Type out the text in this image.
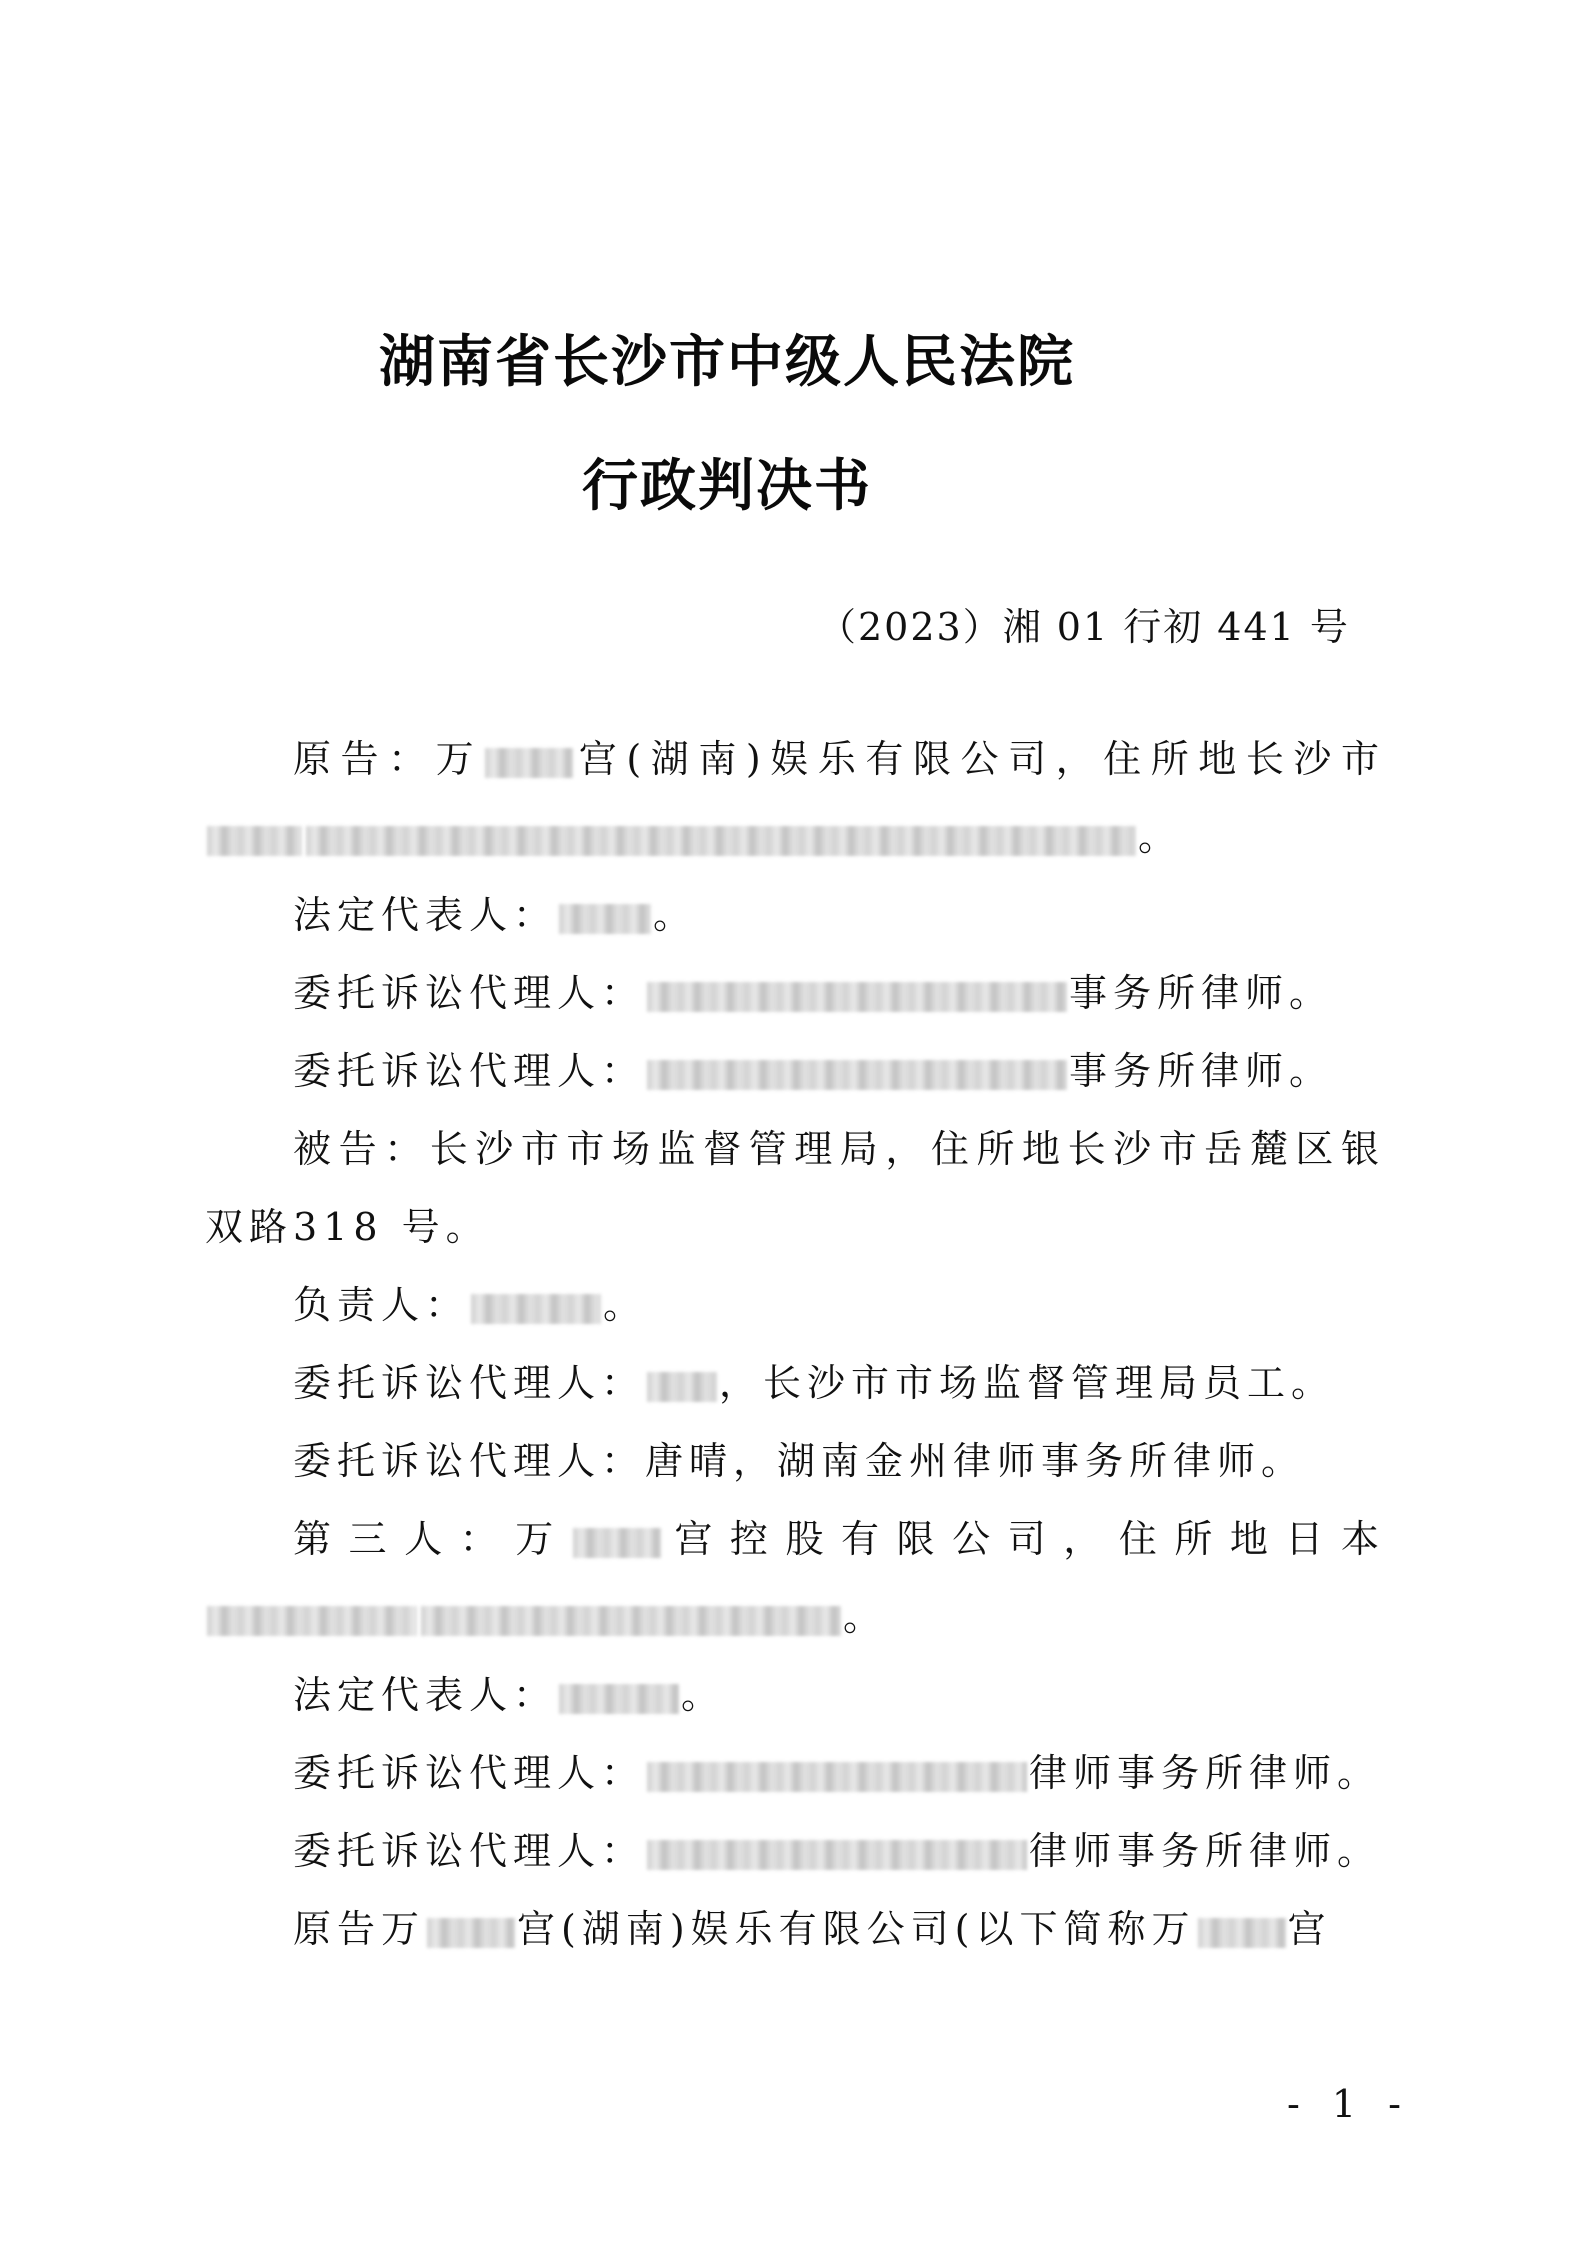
湖南省长沙市中级人民法院
行政判决书
（2023）湘 01 行初 441 号
原告：万 宫(湖南)娱乐有限公司，住所地长沙市。
法定代表人：	。
委托诉讼代理人：	事务所律师。
委托诉讼代理人：	事务所律师。
被告：长沙市市场监督管理局，住所地长沙市岳麓区银双路318 号。
负责人：	。
委托诉讼代理人： ，长沙市市场监督管理局员工。
委托诉讼代理人：唐晴，湖南金州律师事务所律师。
第三人：万 宫控股有限公司，住所地日本。
法定代表人：	。
委托诉讼代理人：	律师事务所律师。
委托诉讼代理人：	律师事务所律师。
原告万 宫(湖南)娱乐有限公司(以下简称万 宫
- 1 -
